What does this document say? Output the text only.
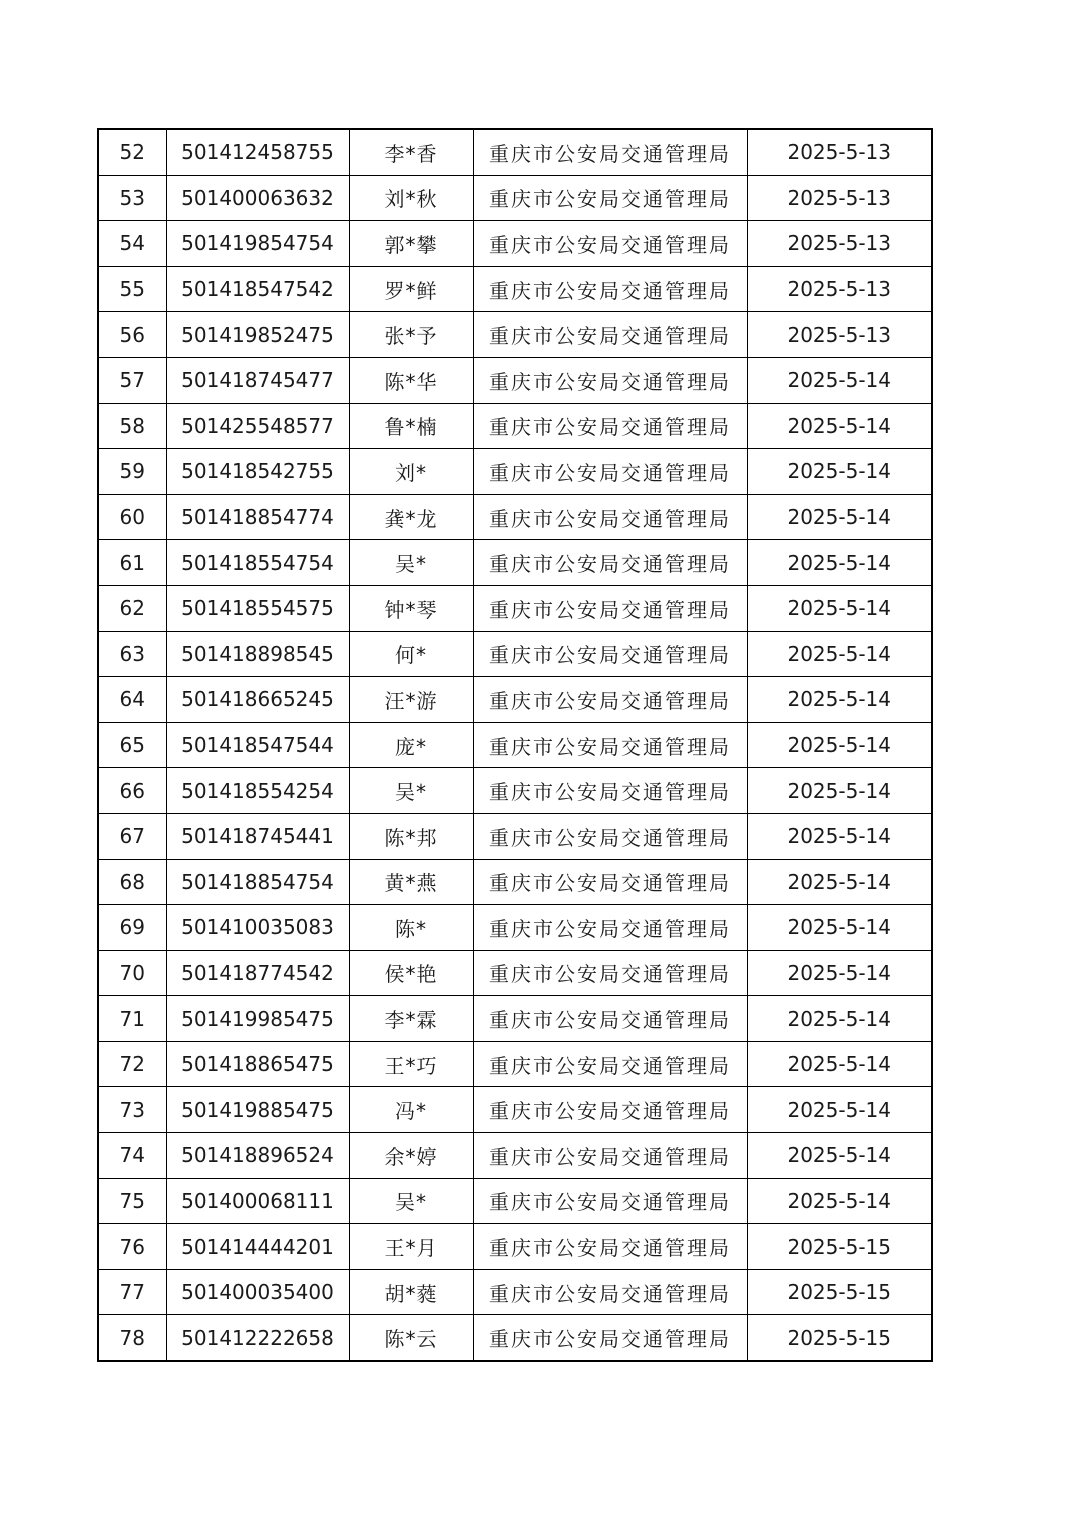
52	501412458755	李*香	重庆市公安局交通管理局	2025-5-13
53	501400063632	刘*秋	重庆市公安局交通管理局	2025-5-13
54	501419854754	郭*攀	重庆市公安局交通管理局	2025-5-13
55	501418547542	罗*鲜	重庆市公安局交通管理局	2025-5-13
56	501419852475	张*予	重庆市公安局交通管理局	2025-5-13
57	501418745477	陈*华	重庆市公安局交通管理局	2025-5-14
58	501425548577	鲁*楠	重庆市公安局交通管理局	2025-5-14
59	501418542755	刘*	重庆市公安局交通管理局	2025-5-14
60	501418854774	龚*龙	重庆市公安局交通管理局	2025-5-14
61	501418554754	吴*	重庆市公安局交通管理局	2025-5-14
62	501418554575	钟*琴	重庆市公安局交通管理局	2025-5-14
63	501418898545	何*	重庆市公安局交通管理局	2025-5-14
64	501418665245	汪*游	重庆市公安局交通管理局	2025-5-14
65	501418547544	庞*	重庆市公安局交通管理局	2025-5-14
66	501418554254	吴*	重庆市公安局交通管理局	2025-5-14
67	501418745441	陈*邦	重庆市公安局交通管理局	2025-5-14
68	501418854754	黄*燕	重庆市公安局交通管理局	2025-5-14
69	501410035083	陈*	重庆市公安局交通管理局	2025-5-14
70	501418774542	侯*艳	重庆市公安局交通管理局	2025-5-14
71	501419985475	李*霖	重庆市公安局交通管理局	2025-5-14
72	501418865475	王*巧	重庆市公安局交通管理局	2025-5-14
73	501419885475	冯*	重庆市公安局交通管理局	2025-5-14
74	501418896524	余*婷	重庆市公安局交通管理局	2025-5-14
75	501400068111	吴*	重庆市公安局交通管理局	2025-5-14
76	501414444201	王*月	重庆市公安局交通管理局	2025-5-15
77	501400035400	胡*蕤	重庆市公安局交通管理局	2025-5-15
78	501412222658	陈*云	重庆市公安局交通管理局	2025-5-15
